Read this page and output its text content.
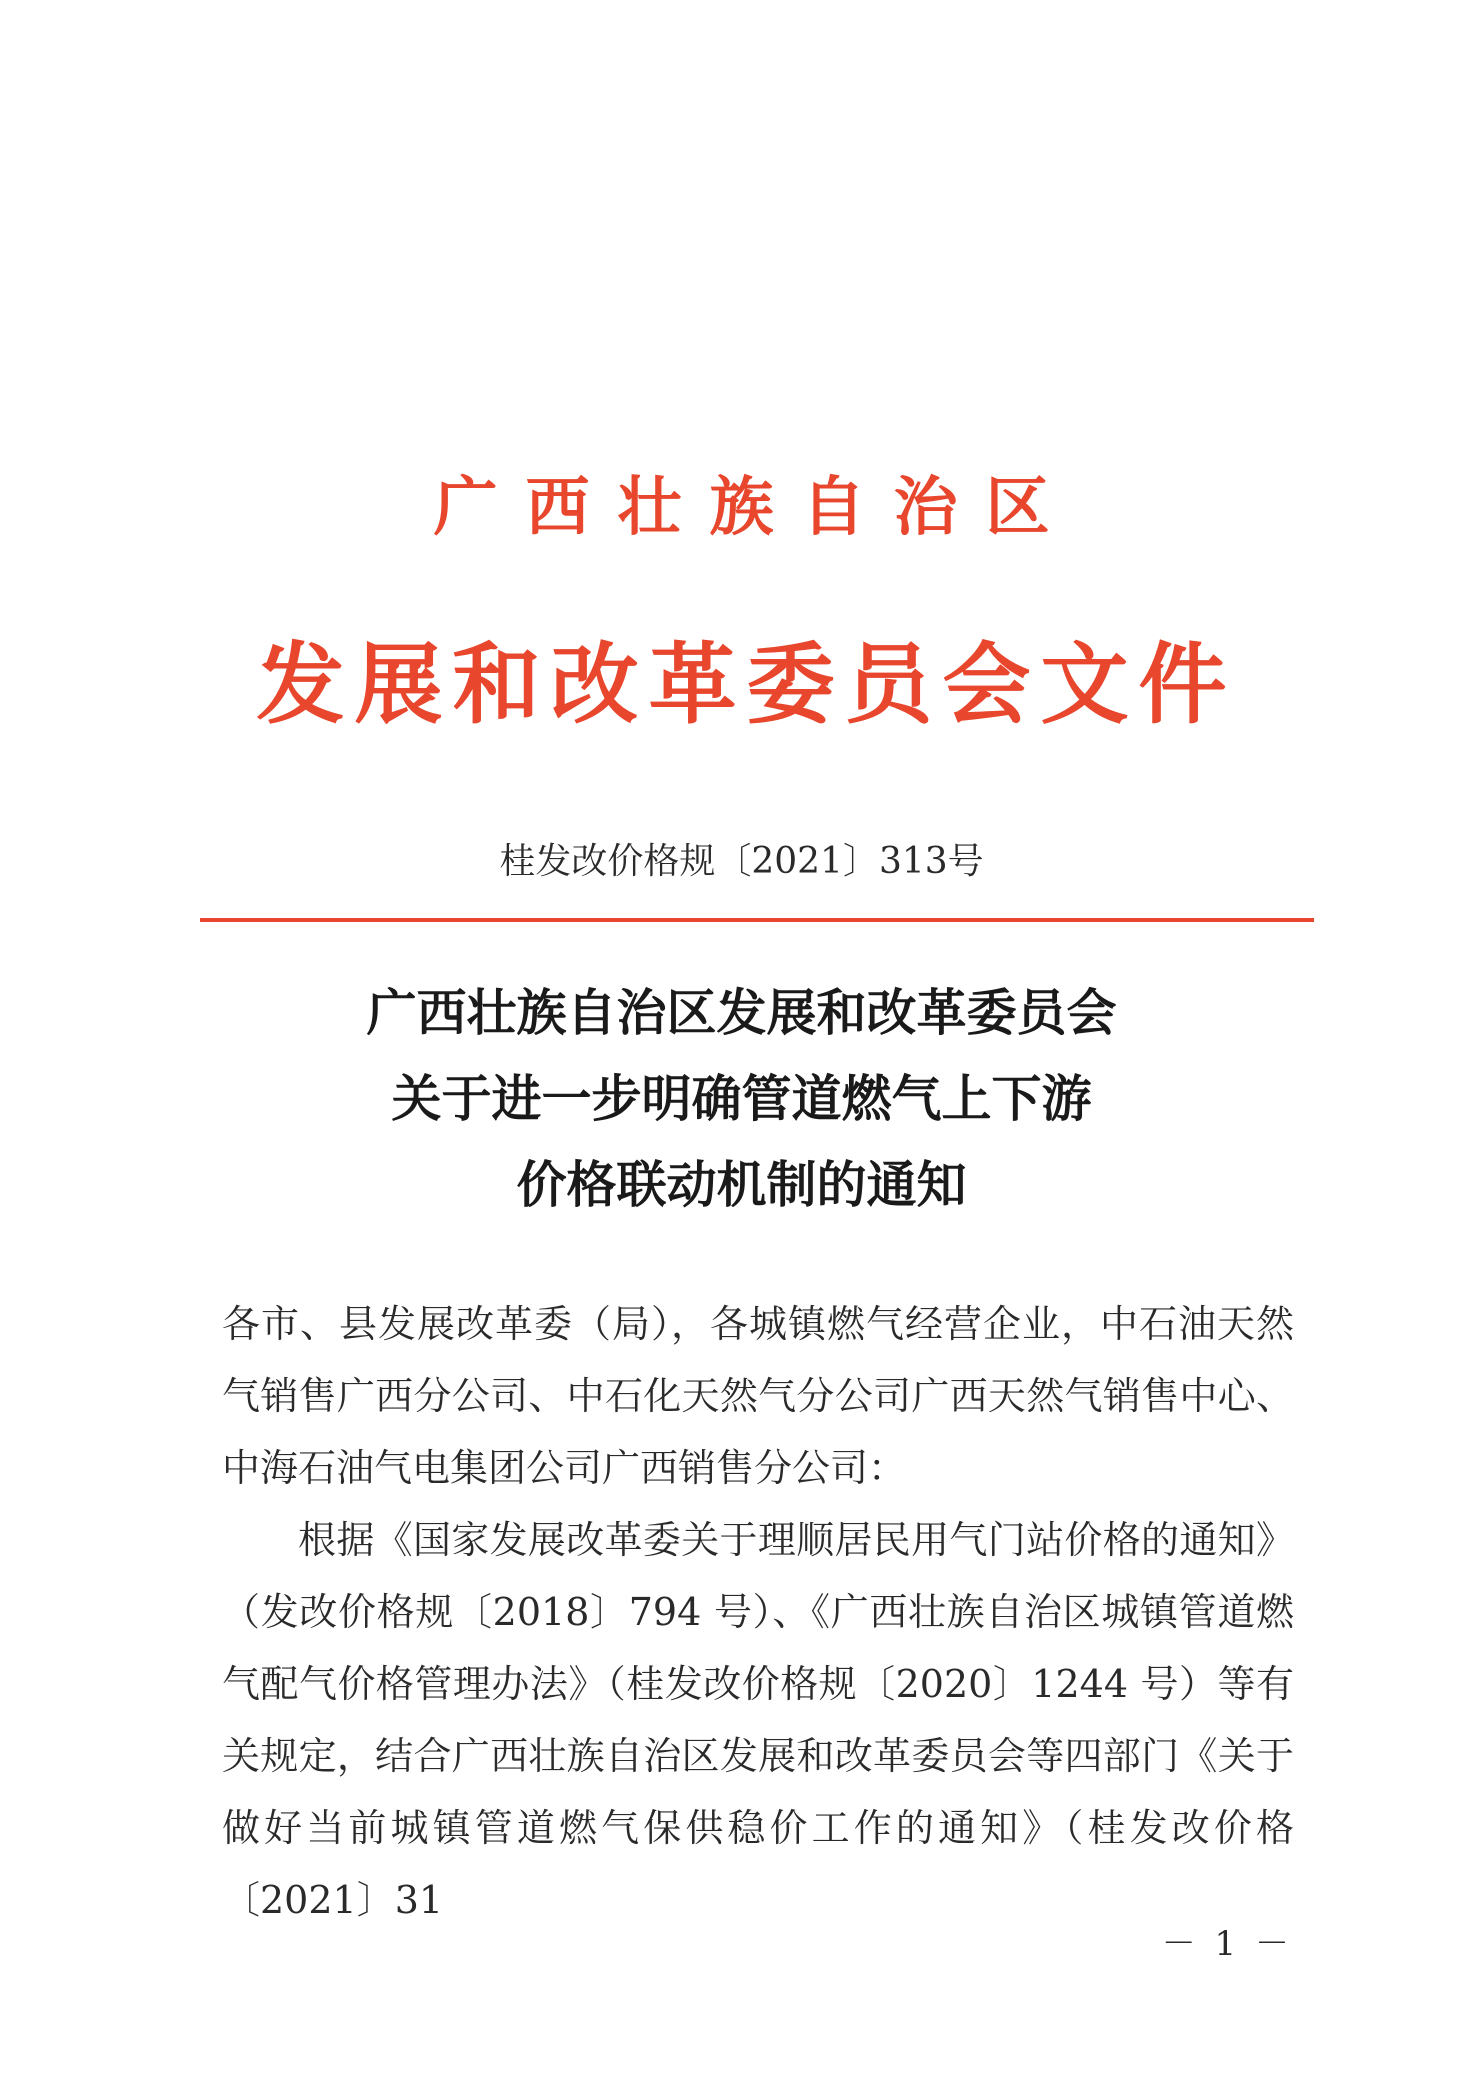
广西壮族自治区
发展和改革委员会文件
桂发改价格规〔2021〕313号
广西壮族自治区发展和改革委员会
关于进一步明确管道燃气上下游
价格联动机制的通知

各市、县发展改革委（局），各城镇燃气经营企业，中石油天然气销售广西分公司、中石化天然气分公司广西天然气销售中心、中海石油气电集团公司广西销售分公司：

根据《国家发展改革委关于理顺居民用气门站价格的通知》（发改价格规〔2018〕794 号）、《广西壮族自治区城镇管道燃气配气价格管理办法》（桂发改价格规〔2020〕1244 号）等有关规定，结合广西壮族自治区发展和改革委员会等四部门《关于做好当前城镇管道燃气保供稳价工作的通知》（桂发改价格〔2021〕31

－ 1 －
